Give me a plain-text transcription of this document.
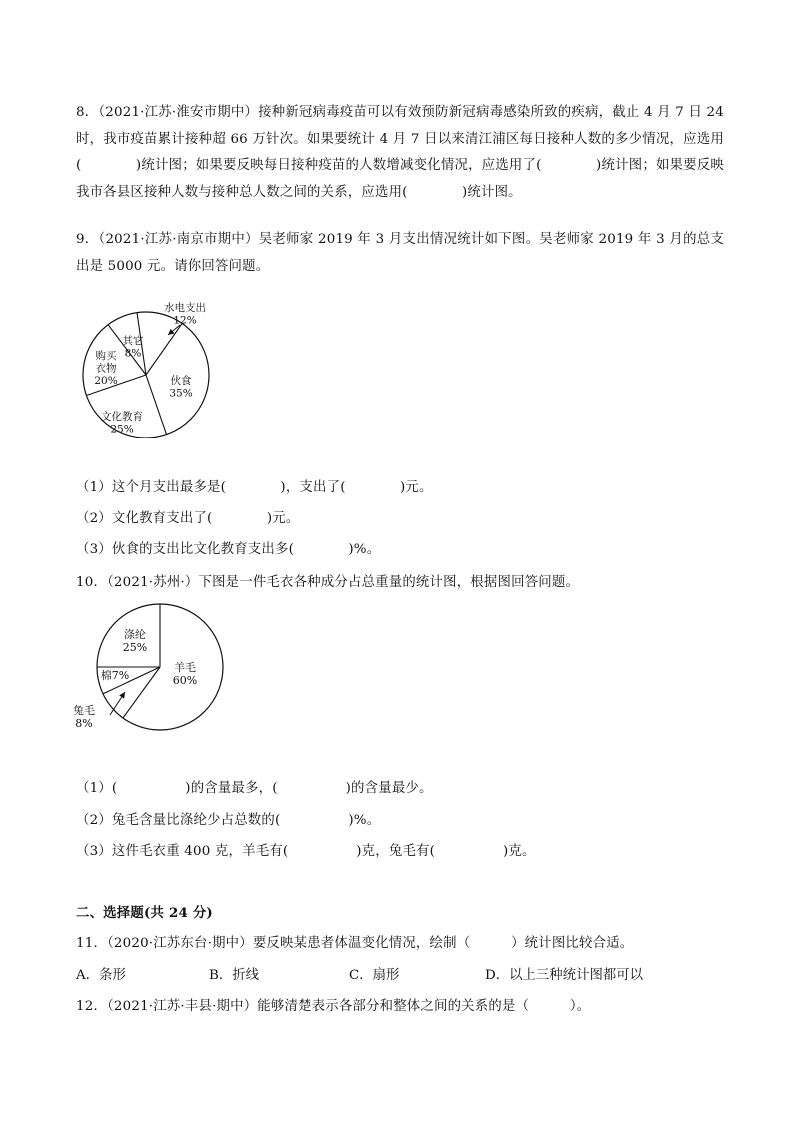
8．（2021·江苏·淮安市期中）接种新冠病毒疫苗可以有效预防新冠病毒感染所致的疾病，截止 4 月 7 日 24 时，我市疫苗累计接种超 66 万针次。如果要统计 4 月 7 日以来清江浦区每日接种人数的多少情况，应选用(　　　　)统计图；如果要反映每日接种疫苗的人数增减变化情况，应选用了(　　　　)统计图；如果要反映我市各县区接种人数与接种总人数之间的关系，应选用(　　　　)统计图。
9．（2021·江苏·南京市期中）吴老师家 2019 年 3 月支出情况统计如下图。吴老师家 2019 年 3 月的总支出是 5000 元。请你回答问题。
伙食 35%
文化教育 25%
购买衣物 20%
其它 8%
水电支出 12%
（1）这个月支出最多是(　　　　)，支出了(　　　　)元。
（2）文化教育支出了(　　　　)元。
（3）伙食的支出比文化教育支出多(　　　　)%。
10．（2021·苏州·）下图是一件毛衣各种成分占总重量的统计图，根据图回答问题。
羊毛 60%
兔毛 8%
棉7%
涤纶 25%
（1）(　　　　　)的含量最多，(　　　　　)的含量最少。
（2）兔毛含量比涤纶少占总数的(　　　　　)%。
（3）这件毛衣重 400 克，羊毛有(　　　　　)克，兔毛有(　　　　　)克。
二、选择题(共 24 分)
11．（2020·江苏东台·期中）要反映某患者体温变化情况，绘制（　　　）统计图比较合适。
A．条形	B．折线	C．扇形	D．以上三种统计图都可以
12．（2021·江苏·丰县·期中）能够清楚表示各部分和整体之间的关系的是（　　　）。
